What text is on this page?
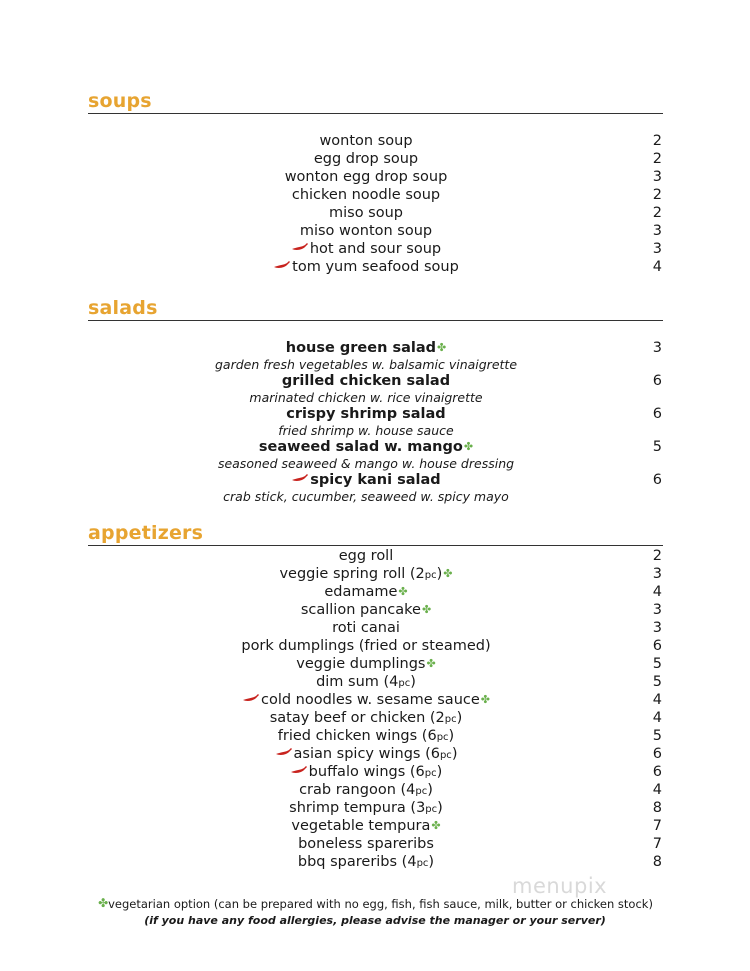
soups
wonton soup	2
egg drop soup	2
wonton egg drop soup	3
chicken noodle soup	2
miso soup	2
miso wonton soup	3
hot and sour soup	3
tom yum seafood soup	4
salads
house green salad✤	3
garden fresh vegetables w. balsamic vinaigrette
grilled chicken salad	6
marinated chicken w. rice vinaigrette
crispy shrimp salad	6
fried shrimp w. house sauce
seaweed salad w. mango✤	5
seasoned seaweed & mango w. house dressing
spicy kani salad	6
crab stick, cucumber, seaweed w. spicy mayo
appetizers
egg roll	2
veggie spring roll (2pc)✤	3
edamame✤	4
scallion pancake✤	3
roti canai	3
pork dumplings (fried or steamed)	6
veggie dumplings✤	5
dim sum (4pc)	5
cold noodles w. sesame sauce✤	4
satay beef or chicken (2pc)	4
fried chicken wings (6pc)	5
asian spicy wings (6pc)	6
buffalo wings (6pc)	6
crab rangoon (4pc)	4
shrimp tempura (3pc)	8
vegetable tempura✤	7
boneless spareribs	7
bbq spareribs (4pc)	8
menupix
✤vegetarian option (can be prepared with no egg, fish, fish sauce, milk, butter or chicken stock)
(if you have any food allergies, please advise the manager or your server)
